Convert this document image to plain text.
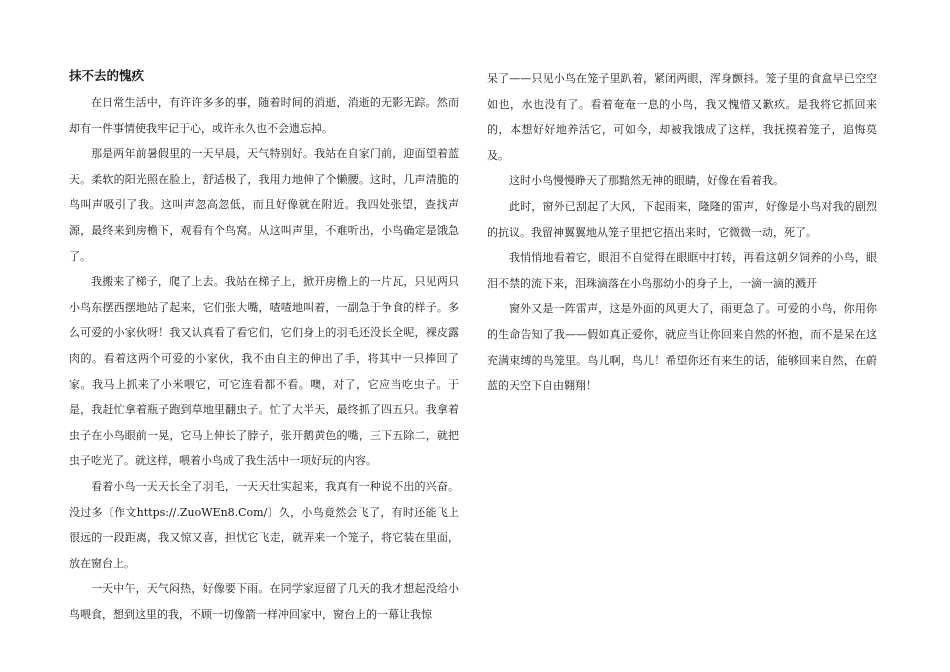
抹不去的愧疚

在日常生活中，有许许多多的事，随着时间的消逝，消逝的无影无踪。然而却有一件事情使我牢记于心，或许永久也不会遗忘掉。

那是两年前暑假里的一天早晨，天气特别好。我站在自家门前，迎面望着蓝天。柔软的阳光照在脸上，舒适极了，我用力地伸了个懒腰。这时，几声清脆的鸟叫声吸引了我。这叫声忽高忽低，而且好像就在附近。我四处张望，查找声源，最终来到房檐下，观看有个鸟窝。从这叫声里，不难听出，小鸟确定是饿急了。

我搬来了梯子，爬了上去。我站在梯子上，掀开房檐上的一片瓦，只见两只小鸟东摆西摆地站了起来，它们张大嘴，喳喳地叫着，一副急于争食的样子。多么可爱的小家伙呀！我又认真看了看它们，它们身上的羽毛还没长全呢，裸皮露肉的。看着这两个可爱的小家伙，我不由自主的伸出了手，将其中一只捧回了家。我马上抓来了小米喂它，可它连看都不看。噢，对了，它应当吃虫子。于是，我赶忙拿着瓶子跑到草地里翻虫子。忙了大半天，最终抓了四五只。我拿着虫子在小鸟眼前一晃，它马上伸长了脖子，张开鹅黄色的嘴，三下五除二，就把虫子吃光了。就这样，喂着小鸟成了我生活中一项好玩的内容。

看着小鸟一天天长全了羽毛，一天天壮实起来，我真有一种说不出的兴奋。没过多〔作文https://.ZuoWEn8.Com/〕久，小鸟竟然会飞了，有时还能飞上很远的一段距离，我又惊又喜，担忧它飞走，就弄来一个笼子，将它装在里面，放在窗台上。

一天中午，天气闷热，好像要下雨。在同学家逗留了几天的我才想起没给小鸟喂食，想到这里的我，不顾一切像箭一样冲回家中，窗台上的一幕让我惊

呆了——只见小鸟在笼子里趴着，紧闭两眼，浑身颤抖。笼子里的食盒早已空空如也，水也没有了。看着奄奄一息的小鸟，我又愧惜又歉疚。是我将它抓回来的，本想好好地养活它，可如今，却被我饿成了这样，我抚摸着笼子，追悔莫及。

这时小鸟慢慢睁天了那黯然无神的眼睛，好像在看着我。

此时，窗外已刮起了大风，下起雨来，隆隆的雷声，好像是小鸟对我的剧烈的抗议。我留神翼翼地从笼子里把它捂出来时，它微微一动，死了。

我悄悄地看着它，眼泪不自觉得在眼眶中打转，再看这朝夕饲养的小鸟，眼泪不禁的流下来，泪珠滴落在小鸟那幼小的身子上，一滴一滴的溅开

窗外又是一阵雷声，这是外面的风更大了，雨更急了。可爱的小鸟，你用你的生命告知了我——假如真正爱你，就应当让你回来自然的怀抱，而不是呆在这充满束缚的鸟笼里。鸟儿啊，鸟儿！希望你还有来生的话，能够回来自然，在蔚蓝的天空下自由翱翔！
